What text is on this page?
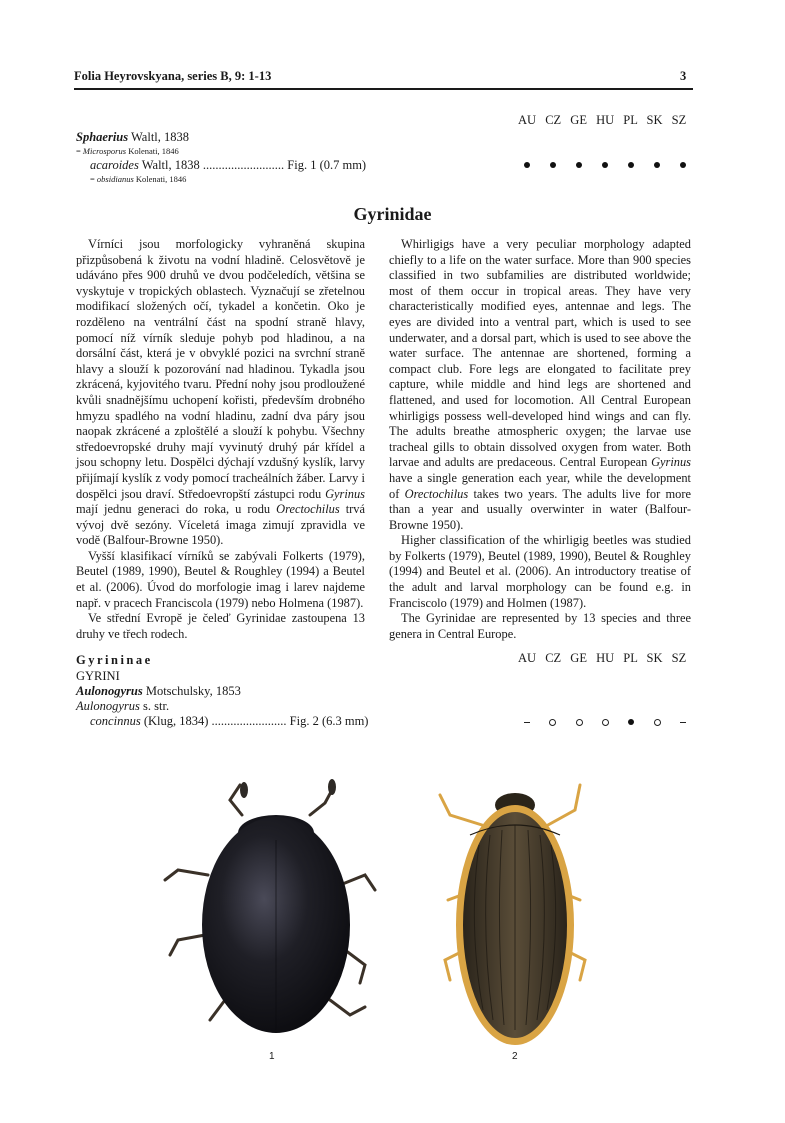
Folia Heyrovskyana, series B, 9: 1-13	3
AU CZ GE HU PL SK SZ
Sphaerius Waltl, 1838
= Microsporus Kolenati, 1846
acaroides Waltl, 1838 .......................... Fig. 1 (0.7 mm)
= obsidianus Kolenati, 1846
Gyrinidae

Vírníci jsou morfologicky vyhraněná skupina přizpůsobená k životu na vodní hladině. Celosvětově je udáváno přes 900 druhů ve dvou podčeledích, většina se vyskytuje v tropických oblastech. Vyznačují se zřetelnou modifikací složených očí, tykadel a končetin. Oko je rozděleno na ventrální část na spodní straně hlavy, pomocí níž vírník sleduje pohyb pod hladinou, a na dorsální část, která je v obvyklé pozici na svrchní straně hlavy a slouží k pozorování nad hladinou. Tykadla jsou zkrácená, kyjovitého tvaru. Přední nohy jsou prodloužené kvůli snadnějšímu uchopení kořisti, především drobného hmyzu spadlého na vodní hladinu, zadní dva páry jsou naopak zkrácené a zploštělé a slouží k pohybu. Všechny středoevropské druhy mají vyvinutý druhý pár křídel a jsou schopny letu. Dospělci dýchají vzdušný kyslík, larvy přijímají kyslík z vody pomocí tracheálních žáber. Larvy i dospělci jsou draví. Středoevropští zástupci rodu Gyrinus mají jednu generaci do roka, u rodu Orectochilus trvá vývoj dvě sezóny. Vícеletá imaga zimují zpravidla ve vodě (Balfour-Browne 1950).

Vyšší klasifikací vírníků se zabývali Folkerts (1979), Beutel (1989, 1990), Beutel & Roughley (1994) a Beutel et al. (2006). Úvod do morfologie imag i larev najdeme např. v pracech Franciscola (1979) nebo Holmena (1987).

Ve střední Evropě je čeleď Gyrinidae zastoupena 13 druhy ve třech rodech.

Whirligigs have a very peculiar morphology adapted chiefly to a life on the water surface. More than 900 species classified in two subfamilies are distributed worldwide; most of them occur in tropical areas. They have very characteristically modified eyes, antennae and legs. The eyes are divided into a ventral part, which is used to see underwater, and a dorsal part, which is used to see above the water surface. The antennae are shortened, forming a compact club. Fore legs are elongated to facilitate prey capture, while middle and hind legs are shortened and flattened, and used for locomotion. All Central European whirligigs possess well-developed hind wings and can fly. The adults breathe atmospheric oxygen; the larvae use tracheal gills to obtain dissolved oxygen from water. Both larvae and adults are predaceous. Central European Gyrinus have a single generation each year, while the development of Orectochilus takes two years. The adults live for more than a year and usually overwinter in water (Balfour-Browne 1950).

Higher classification of the whirligig beetles was studied by Folkerts (1979), Beutel (1989, 1990), Beutel & Roughley (1994) and Beutel et al. (2006). An introductory treatise of the adult and larval morphology can be found e.g. in Franciscolo (1979) and Holmen (1987).

The Gyrinidae are represented by 13 species and three genera in Central Europe.

AU CZ GE HU PL SK SZ
Gyrininae
GYRINI
Aulonogyrus Motschulsky, 1853
Aulonogyrus s. str.
concinnus (Klug, 1834) ........................ Fig. 2 (6.3 mm)
1	2
